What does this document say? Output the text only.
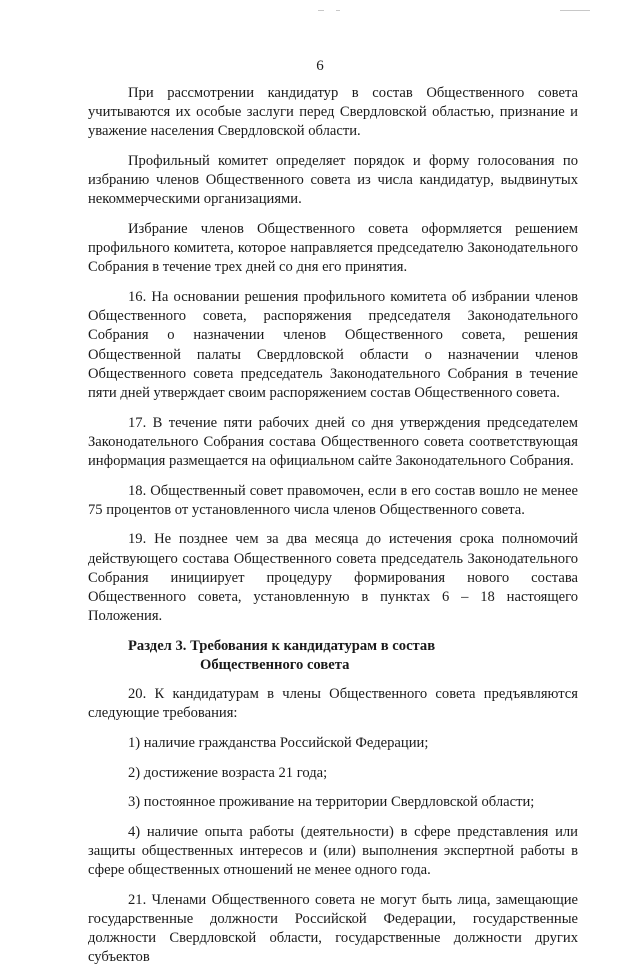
6

При рассмотрении кандидатур в состав Общественного совета учитываются их особые заслуги перед Свердловской областью, признание и уважение населения Свердловской области.

Профильный комитет определяет порядок и форму голосования по избранию членов Общественного совета из числа кандидатур, выдвинутых некоммерческими организациями.

Избрание членов Общественного совета оформляется решением профильного комитета, которое направляется председателю Законодательного Собрания в течение трех дней со дня его принятия.

16. На основании решения профильного комитета об избрании членов Общественного совета, распоряжения председателя Законодательного Собрания о назначении членов Общественного совета, решения Общественной палаты Свердловской области о назначении членов Общественного совета председатель Законодательного Собрания в течение пяти дней утверждает своим распоряжением состав Общественного совета.

17. В течение пяти рабочих дней со дня утверждения председателем Законодательного Собрания состава Общественного совета соответствующая информация размещается на официальном сайте Законодательного Собрания.

18. Общественный совет правомочен, если в его состав вошло не менее 75 процентов от установленного числа членов Общественного совета.

19. Не позднее чем за два месяца до истечения срока полномочий действующего состава Общественного совета председатель Законодательного Собрания инициирует процедуру формирования нового состава Общественного совета, установленную в пунктах 6 – 18 настоящего Положения.

Раздел 3. Требования к кандидатурам в состав
Общественного совета

20. К кандидатурам в члены Общественного совета предъявляются следующие требования:

1) наличие гражданства Российской Федерации;

2) достижение возраста 21 года;

3) постоянное проживание на территории Свердловской области;

4) наличие опыта работы (деятельности) в сфере представления или защиты общественных интересов и (или) выполнения экспертной работы в сфере общественных отношений не менее одного года.

21. Членами Общественного совета не могут быть лица, замещающие государственные должности Российской Федерации, государственные должности Свердловской области, государственные должности других субъектов
